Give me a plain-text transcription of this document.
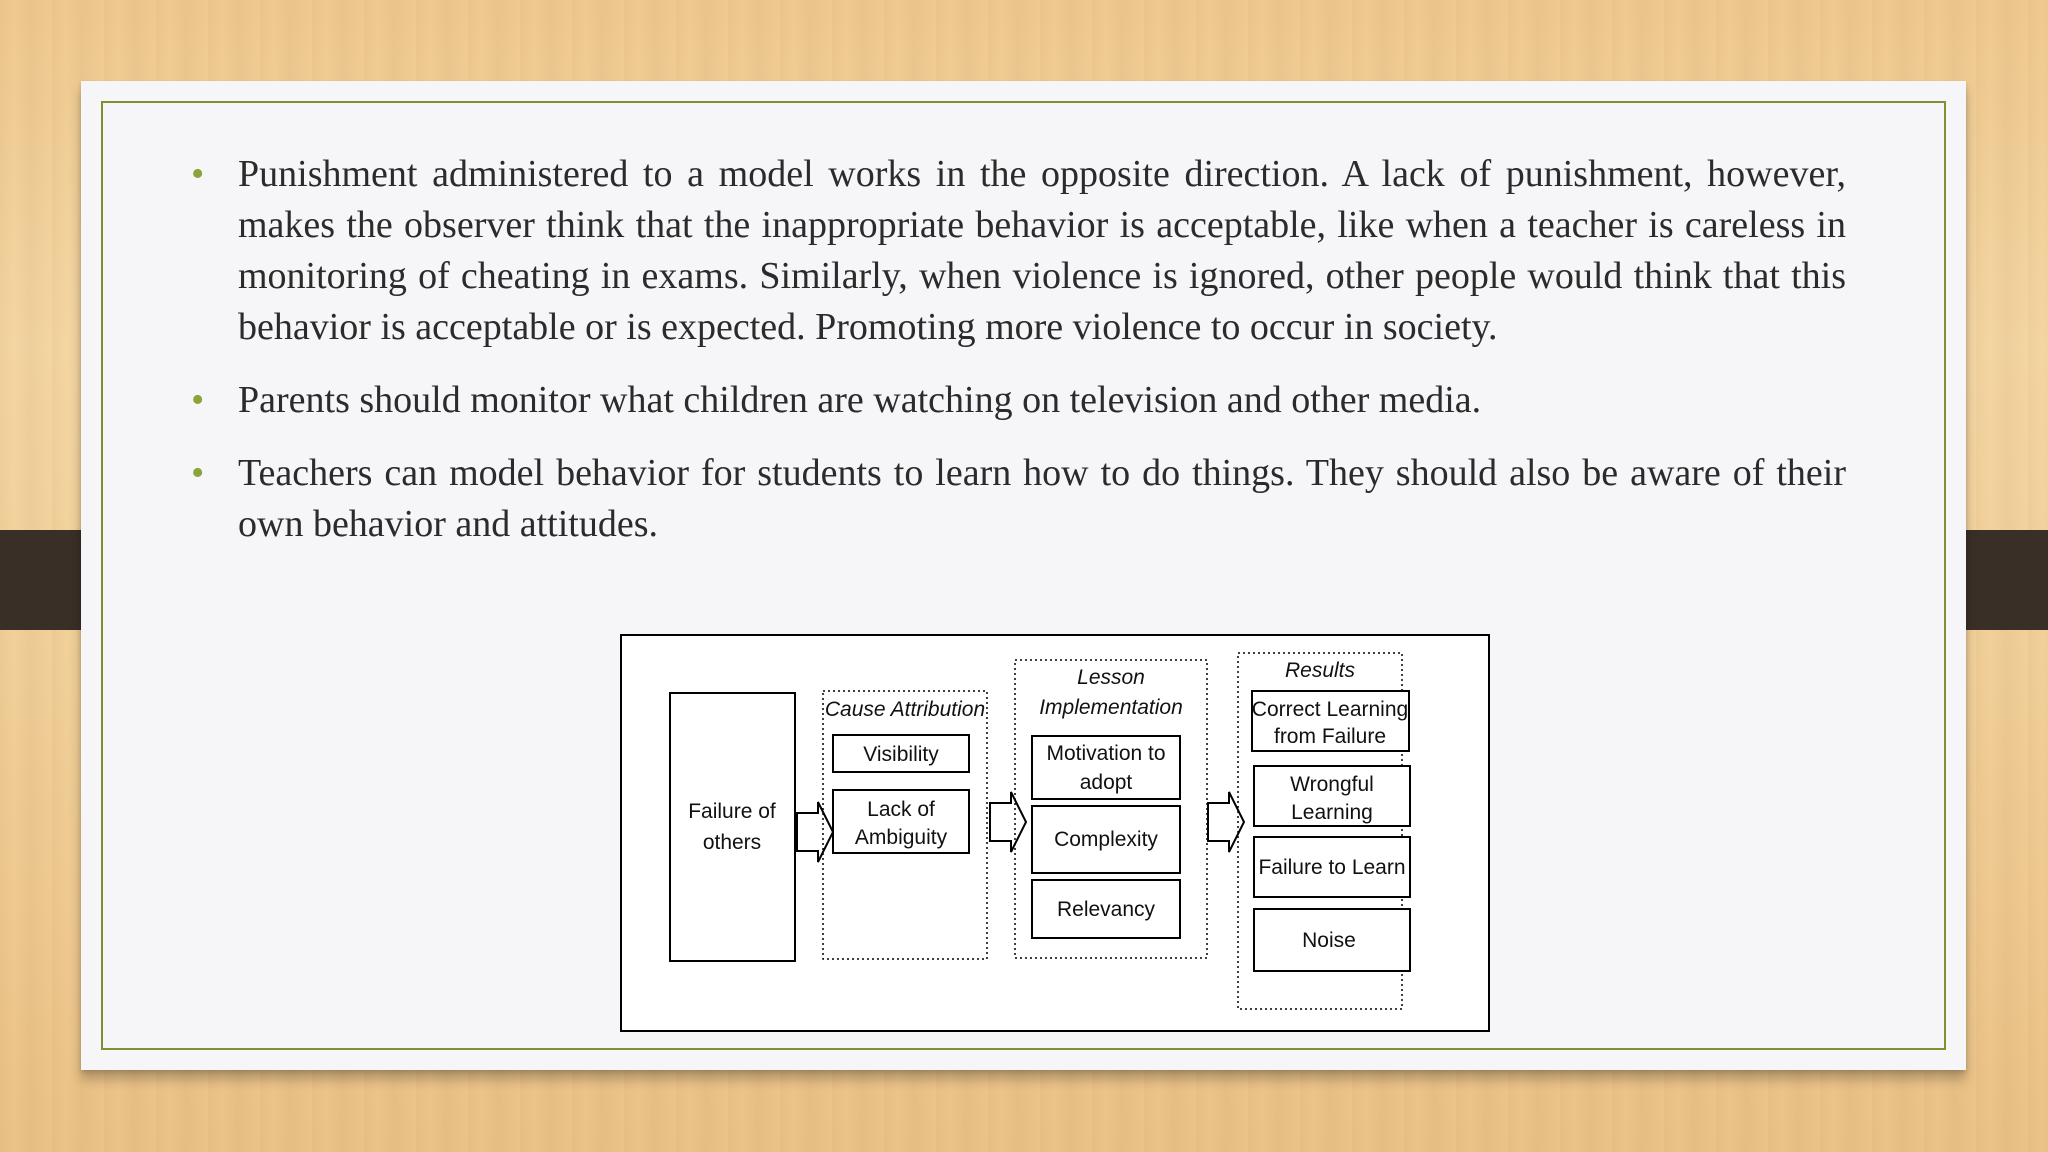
• Punishment administered to a model works in the opposite direction. A lack of punishment, however, makes the observer think that the inappropriate behavior is acceptable, like when a teacher is careless in monitoring of cheating in exams. Similarly, when violence is ignored, other people would think that this behavior is acceptable or is expected. Promoting more violence to occur in society.
• Parents should monitor what children are watching on television and other media.
• Teachers can model behavior for students to learn how to do things. They should also be aware of their own behavior and attitudes.
Failure of
others
Cause Attribution
Visibility
Lack of
Ambiguity
Lesson
Implementation
Motivation to
adopt
Complexity
Relevancy
Results
Correct Learning
from Failure
Wrongful
Learning
Failure to Learn
Noise
